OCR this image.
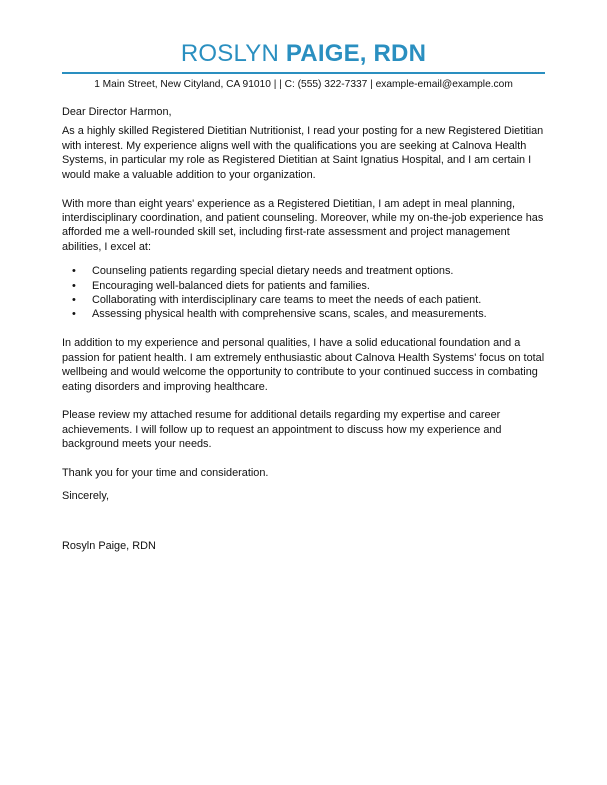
ROSLYN PAIGE, RDN
1 Main Street, New Cityland, CA 91010 | | C: (555) 322-7337 | example-email@example.com

Dear Director Harmon,

As a highly skilled Registered Dietitian Nutritionist, I read your posting for a new Registered Dietitian with interest. My experience aligns well with the qualifications you are seeking at Calnova Health Systems, in particular my role as Registered Dietitian at Saint Ignatius Hospital, and I am certain I would make a valuable addition to your organization.

With more than eight years' experience as a Registered Dietitian, I am adept in meal planning, interdisciplinary coordination, and patient counseling. Moreover, while my on-the-job experience has afforded me a well-rounded skill set, including first-rate assessment and project management abilities, I excel at:

• Counseling patients regarding special dietary needs and treatment options.
• Encouraging well-balanced diets for patients and families.
• Collaborating with interdisciplinary care teams to meet the needs of each patient.
• Assessing physical health with comprehensive scans, scales, and measurements.

In addition to my experience and personal qualities, I have a solid educational foundation and a passion for patient health. I am extremely enthusiastic about Calnova Health Systems' focus on total wellbeing and would welcome the opportunity to contribute to your continued success in combating eating disorders and improving healthcare.

Please review my attached resume for additional details regarding my expertise and career achievements. I will follow up to request an appointment to discuss how my experience and background meets your needs.

Thank you for your time and consideration.

Sincerely,

Rosyln Paige, RDN
